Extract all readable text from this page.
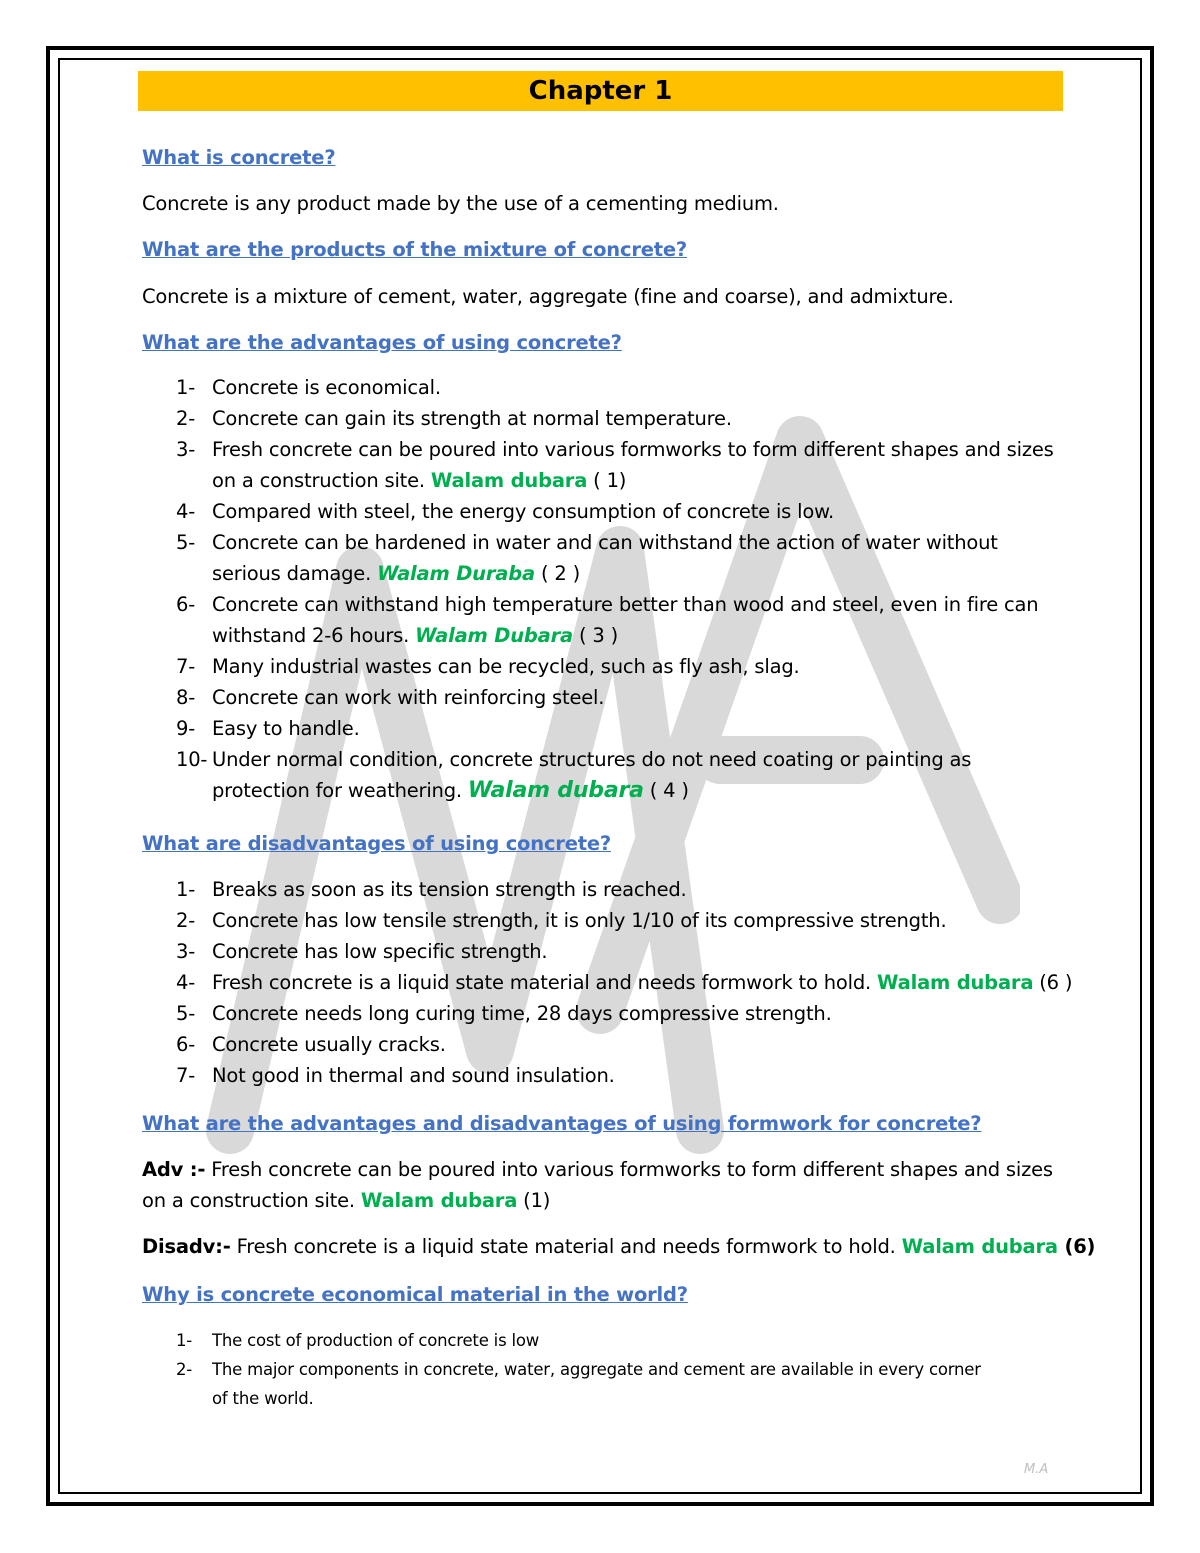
Chapter 1
What is concrete?
Concrete is any product made by the use of a cementing medium.
What are the products of the mixture of concrete?
Concrete is a mixture of cement, water, aggregate (fine and coarse), and admixture.
What are the advantages of using concrete?
1- Concrete is economical.
2- Concrete can gain its strength at normal temperature.
3- Fresh concrete can be poured into various formworks to form different shapes and sizes
on a construction site. Walam dubara ( 1)
4- Compared with steel, the energy consumption of concrete is low.
5- Concrete can be hardened in water and can withstand the action of water without
serious damage. Walam Duraba ( 2 )
6- Concrete can withstand high temperature better than wood and steel, even in fire can
withstand 2-6 hours. Walam Dubara ( 3 )
7- Many industrial wastes can be recycled, such as fly ash, slag.
8- Concrete can work with reinforcing steel.
9- Easy to handle.
10- Under normal condition, concrete structures do not need coating or painting as
protection for weathering. Walam dubara ( 4 )
What are disadvantages of using concrete?
1- Breaks as soon as its tension strength is reached.
2- Concrete has low tensile strength, it is only 1/10 of its compressive strength.
3- Concrete has low specific strength.
4- Fresh concrete is a liquid state material and needs formwork to hold. Walam dubara (6 )
5- Concrete needs long curing time, 28 days compressive strength.
6- Concrete usually cracks.
7- Not good in thermal and sound insulation.
What are the advantages and disadvantages of using formwork for concrete?
Adv :- Fresh concrete can be poured into various formworks to form different shapes and sizes
on a construction site. Walam dubara (1)
Disadv:- Fresh concrete is a liquid state material and needs formwork to hold. Walam dubara (6)
Why is concrete economical material in the world?
1- The cost of production of concrete is low
2- The major components in concrete, water, aggregate and cement are available in every corner
of the world.
M.A
